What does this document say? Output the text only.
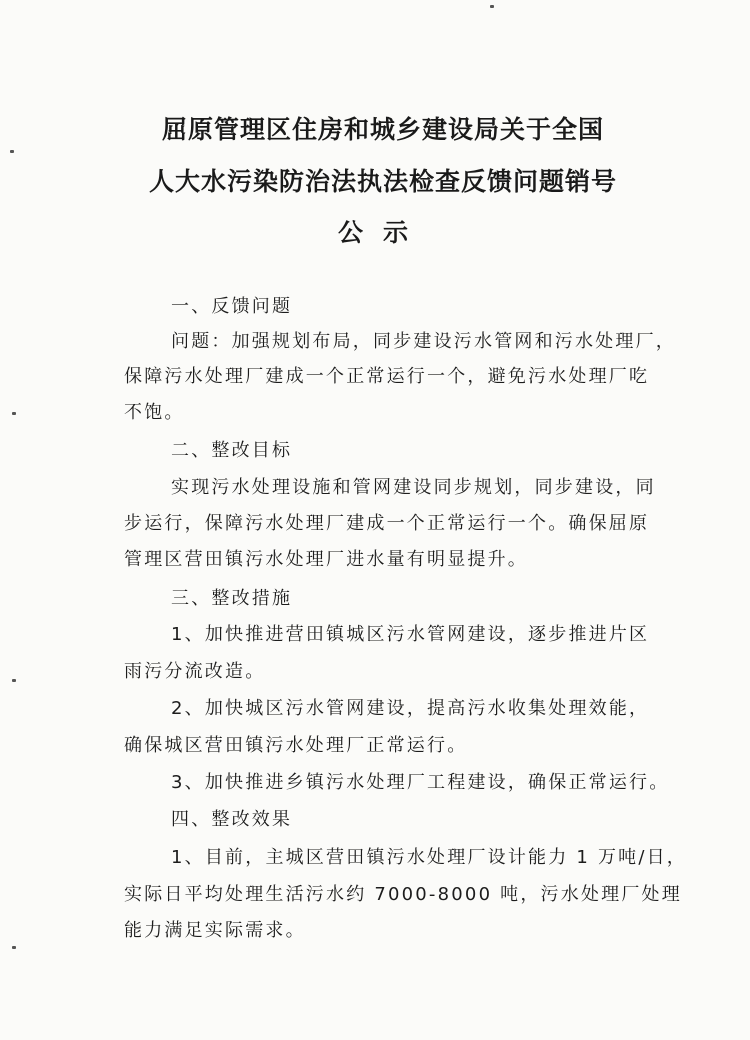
屈原管理区住房和城乡建设局关于全国
人大水污染防治法执法检查反馈问题销号
公示
一、反馈问题
问题：加强规划布局，同步建设污水管网和污水处理厂，
保障污水处理厂建成一个正常运行一个，避免污水处理厂吃
不饱。
二、整改目标
实现污水处理设施和管网建设同步规划，同步建设，同
步运行，保障污水处理厂建成一个正常运行一个。确保屈原
管理区营田镇污水处理厂进水量有明显提升。
三、整改措施
1、加快推进营田镇城区污水管网建设，逐步推进片区
雨污分流改造。
2、加快城区污水管网建设，提高污水收集处理效能，
确保城区营田镇污水处理厂正常运行。
3、加快推进乡镇污水处理厂工程建设，确保正常运行。
四、整改效果
1、目前，主城区营田镇污水处理厂设计能力 1 万吨/日，
实际日平均处理生活污水约 7000-8000 吨，污水处理厂处理
能力满足实际需求。
